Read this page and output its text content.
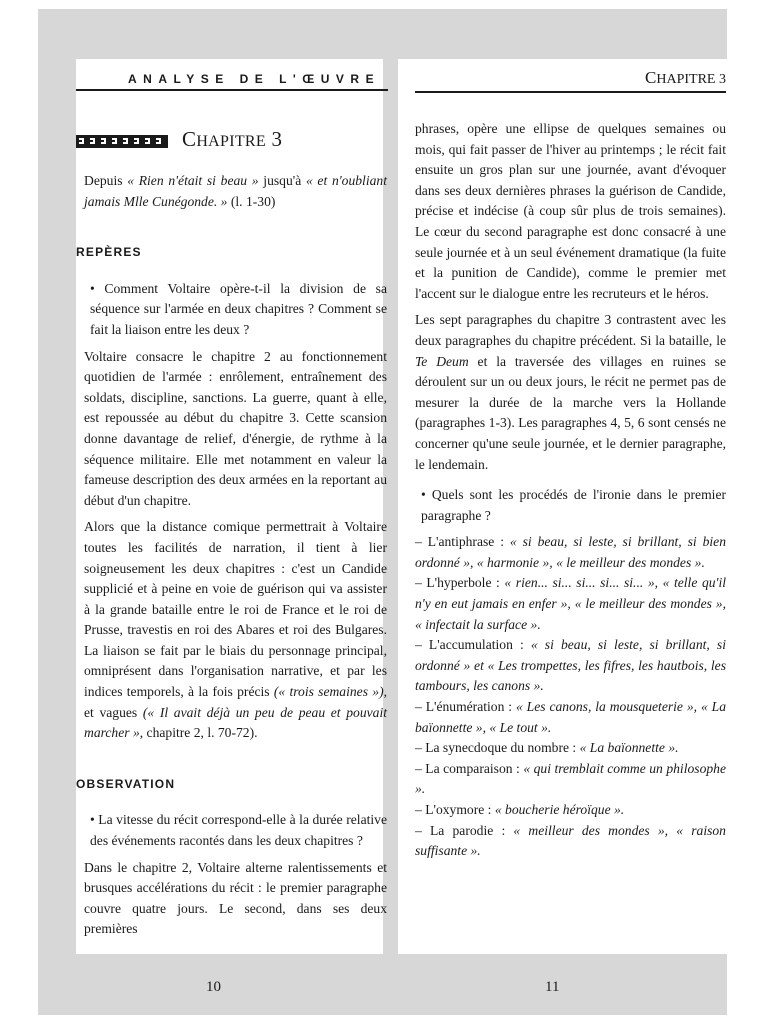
ANALYSE DE L'ŒUVRE
CHAPITRE 3

Depuis « Rien n'était si beau » jusqu'à « et n'oubliant jamais Mlle Cunégonde. » (l. 1-30)

REPÈRES

• Comment Voltaire opère-t-il la division de sa séquence sur l'armée en deux chapitres ? Comment se fait la liaison entre les deux ?

Voltaire consacre le chapitre 2 au fonctionnement quotidien de l'armée : enrôlement, entraînement des soldats, discipline, sanctions. La guerre, quant à elle, est repoussée au début du chapitre 3. Cette scansion donne davantage de relief, d'énergie, de rythme à la séquence militaire. Elle met notamment en valeur la fameuse description des deux armées en la reportant au début d'un chapitre.

Alors que la distance comique permettrait à Voltaire toutes les facilités de narration, il tient à lier soigneusement les deux chapitres : c'est un Candide supplicié et à peine en voie de guérison qui va assister à la grande bataille entre le roi de France et le roi de Prusse, travestis en roi des Abares et roi des Bulgares. La liaison se fait par le biais du personnage principal, omniprésent dans l'organisation narrative, et par les indices temporels, à la fois précis (« trois semaines »), et vagues (« Il avait déjà un peu de peau et pouvait marcher », chapitre 2, l. 70-72).

OBSERVATION

• La vitesse du récit correspond-elle à la durée relative des événements racontés dans les deux chapitres ?

Dans le chapitre 2, Voltaire alterne ralentissements et brusques accélérations du récit : le premier paragraphe couvre quatre jours. Le second, dans ses deux premières

CHAPITRE 3

phrases, opère une ellipse de quelques semaines ou mois, qui fait passer de l'hiver au printemps ; le récit fait ensuite un gros plan sur une journée, avant d'évoquer dans ses deux dernières phrases la guérison de Candide, précise et indécise (à coup sûr plus de trois semaines). Le cœur du second paragraphe est donc consacré à une seule journée et à un seul événement dramatique (la fuite et la punition de Candide), comme le premier met l'accent sur le dialogue entre les recruteurs et le héros.

Les sept paragraphes du chapitre 3 contrastent avec les deux paragraphes du chapitre précédent. Si la bataille, le Te Deum et la traversée des villages en ruines se déroulent sur un ou deux jours, le récit ne permet pas de mesurer la durée de la marche vers la Hollande (paragraphes 1-3). Les paragraphes 4, 5, 6 sont censés ne concerner qu'une seule journée, et le dernier paragraphe, le lendemain.

• Quels sont les procédés de l'ironie dans le premier paragraphe ?

– L'antiphrase : « si beau, si leste, si brillant, si bien ordonné », « harmonie », « le meilleur des mondes ».

– L'hyperbole : « rien... si... si... si... si... », « telle qu'il n'y en eut jamais en enfer », « le meilleur des mondes », « infectait la surface ».

– L'accumulation : « si beau, si leste, si brillant, si ordonné » et « Les trompettes, les fifres, les hautbois, les tambours, les canons ».

– L'énumération : « Les canons, la mousqueterie », « La baïonnette », « Le tout ».

– La synecdoque du nombre : « La baïonnette ».

– La comparaison : « qui tremblait comme un philosophe ».

– L'oxymore : « boucherie héroïque ».

– La parodie : « meilleur des mondes », « raison suffisante ».

10	11
